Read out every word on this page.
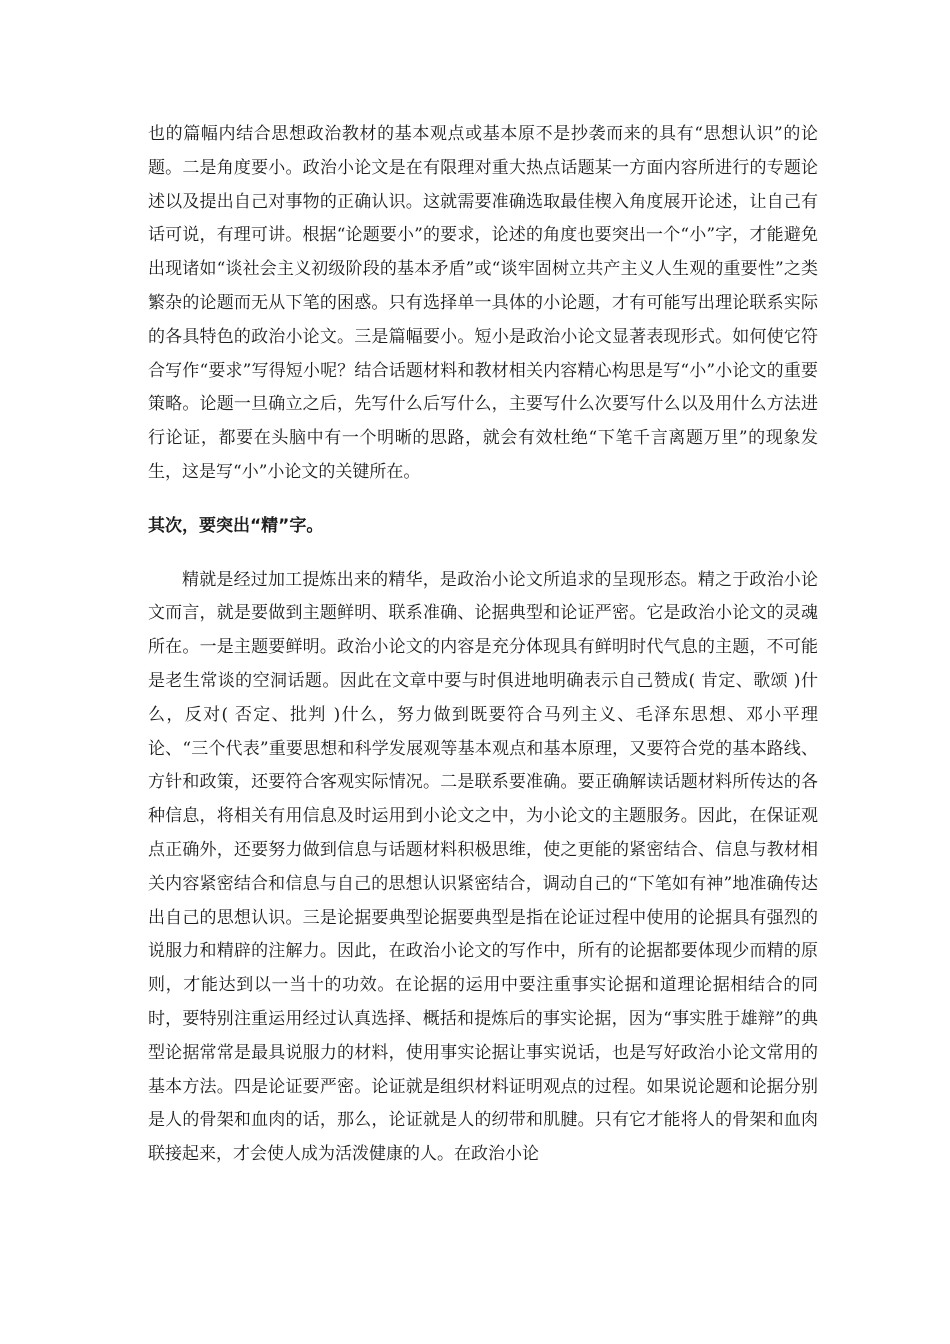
也的篇幅内结合思想政治教材的基本观点或基本原不是抄袭而来的具有“思想认识”的论题。二是角度要小。政治小论文是在有限理对重大热点话题某一方面内容所进行的专题论述以及提出自己对事物的正确认识。这就需要准确选取最佳楔入角度展开论述，让自己有话可说，有理可讲。根据“论题要小”的要求，论述的角度也要突出一个“小”字，才能避免出现诸如“谈社会主义初级阶段的基本矛盾”或“谈牢固树立共产主义人生观的重要性”之类繁杂的论题而无从下笔的困惑。只有选择单一具体的小论题，才有可能写出理论联系实际的各具特色的政治小论文。三是篇幅要小。短小是政治小论文显著表现形式。如何使它符合写作“要求”写得短小呢？结合话题材料和教材相关内容精心构思是写“小”小论文的重要策略。论题一旦确立之后，先写什么后写什么，主要写什么次要写什么以及用什么方法进行论证，都要在头脑中有一个明晰的思路，就会有效杜绝“下笔千言离题万里”的现象发生，这是写“小”小论文的关键所在。

其次，要突出“精”字。

精就是经过加工提炼出来的精华，是政治小论文所追求的呈现形态。精之于政治小论文而言，就是要做到主题鲜明、联系准确、论据典型和论证严密。它是政治小论文的灵魂所在。一是主题要鲜明。政治小论文的内容是充分体现具有鲜明时代气息的主题，不可能是老生常谈的空洞话题。因此在文章中要与时俱进地明确表示自己赞成( 肯定、歌颂 )什么，反对( 否定、批判 )什么，努力做到既要符合马列主义、毛泽东思想、邓小平理论、“三个代表”重要思想和科学发展观等基本观点和基本原理，又要符合党的基本路线、方针和政策，还要符合客观实际情况。二是联系要准确。要正确解读话题材料所传达的各种信息，将相关有用信息及时运用到小论文之中，为小论文的主题服务。因此，在保证观点正确外，还要努力做到信息与话题材料积极思维，使之更能的紧密结合、信息与教材相关内容紧密结合和信息与自己的思想认识紧密结合，调动自己的“下笔如有神”地准确传达出自己的思想认识。三是论据要典型论据要典型是指在论证过程中使用的论据具有强烈的说服力和精辟的注解力。因此，在政治小论文的写作中，所有的论据都要体现少而精的原则，才能达到以一当十的功效。在论据的运用中要注重事实论据和道理论据相结合的同时，要特别注重运用经过认真选择、概括和提炼后的事实论据，因为“事实胜于雄辩”的典型论据常常是最具说服力的材料，使用事实论据让事实说话，也是写好政治小论文常用的基本方法。四是论证要严密。论证就是组织材料证明观点的过程。如果说论题和论据分别是人的骨架和血肉的话，那么，论证就是人的纫带和肌腱。只有它才能将人的骨架和血肉联接起来，才会使人成为活泼健康的人。在政治小论
